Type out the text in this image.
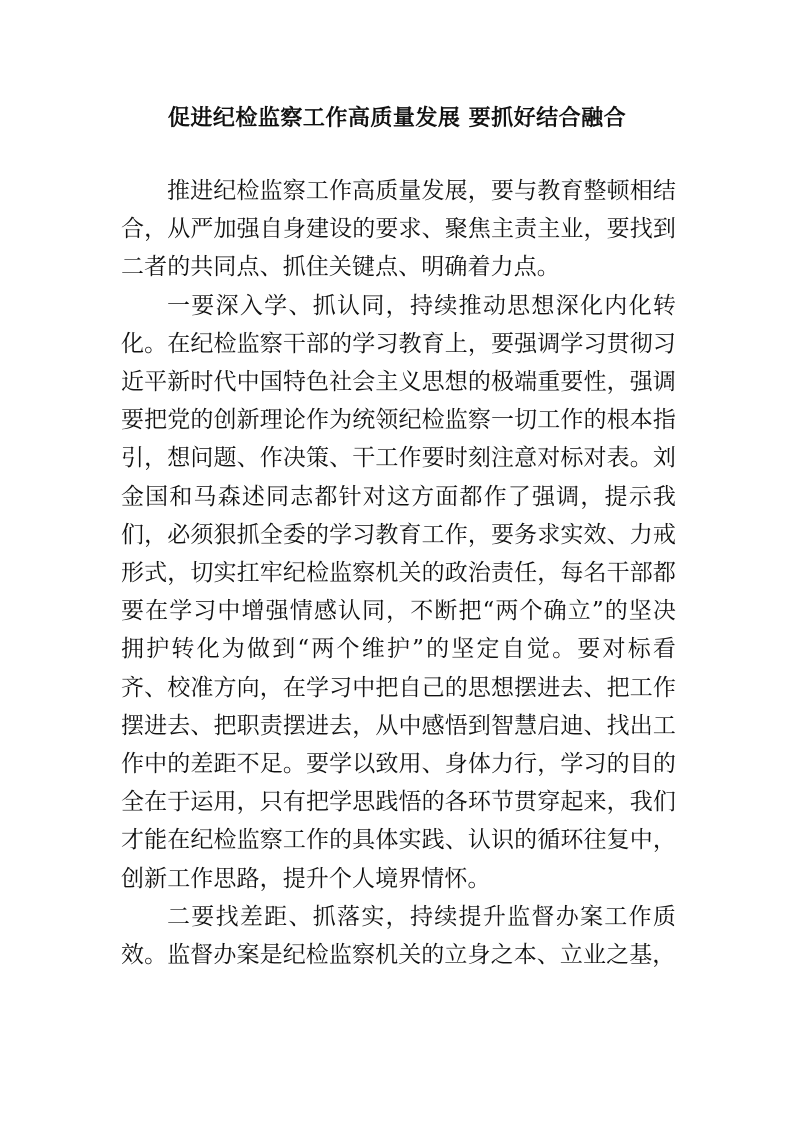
促进纪检监察工作高质量发展 要抓好结合融合

推进纪检监察工作高质量发展，要与教育整顿相结合，从严加强自身建设的要求、聚焦主责主业，要找到二者的共同点、抓住关键点、明确着力点。

一要深入学、抓认同，持续推动思想深化内化转化。在纪检监察干部的学习教育上，要强调学习贯彻习近平新时代中国特色社会主义思想的极端重要性，强调要把党的创新理论作为统领纪检监察一切工作的根本指引，想问题、作决策、干工作要时刻注意对标对表。刘金国和马森述同志都针对这方面都作了强调，提示我们，必须狠抓全委的学习教育工作，要务求实效、力戒形式，切实扛牢纪检监察机关的政治责任，每名干部都要在学习中增强情感认同，不断把“两个确立”的坚决拥护转化为做到“两个维护”的坚定自觉。要对标看齐、校准方向，在学习中把自己的思想摆进去、把工作摆进去、把职责摆进去，从中感悟到智慧启迪、找出工作中的差距不足。要学以致用、身体力行，学习的目的全在于运用，只有把学思践悟的各环节贯穿起来，我们才能在纪检监察工作的具体实践、认识的循环往复中，创新工作思路，提升个人境界情怀。

二要找差距、抓落实，持续提升监督办案工作质效。监督办案是纪检监察机关的立身之本、立业之基，
